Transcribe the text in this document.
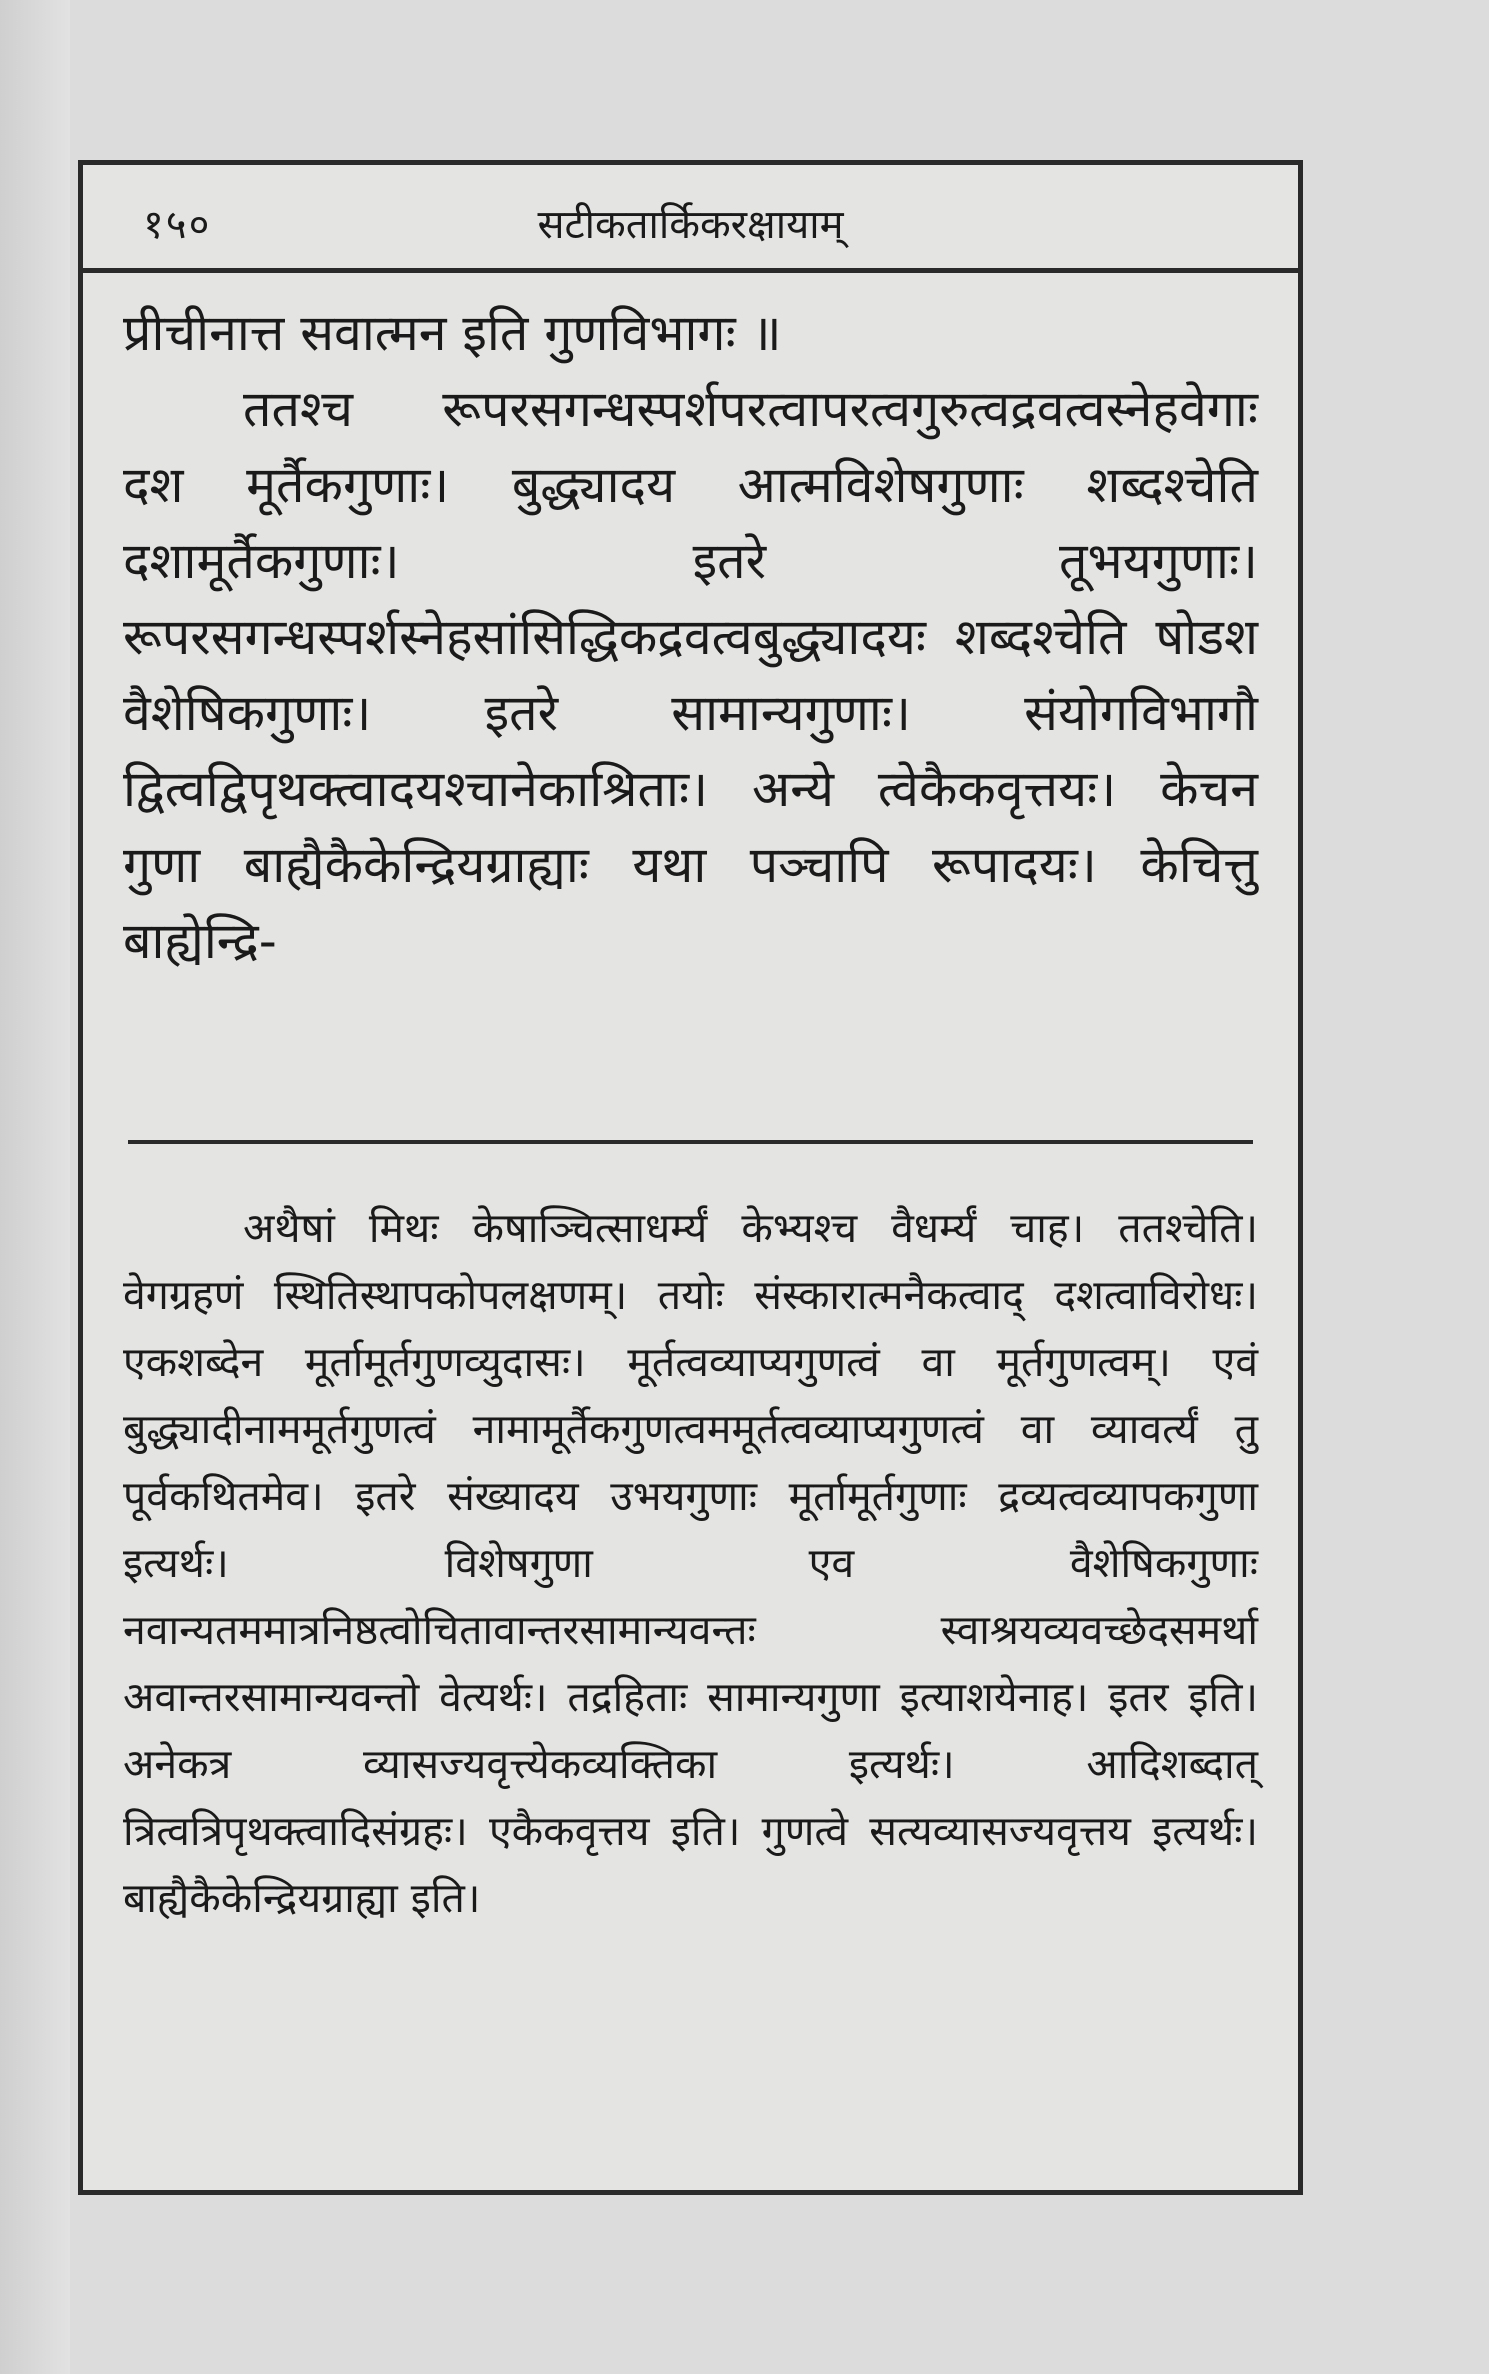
१५०	सटीकतार्किकरक्षायाम्

प्रीचीनात्त सवात्मन इति गुणविभागः ॥

ततश्च रूपरसगन्धस्पर्शपरत्वापरत्वगुरुत्वद्रवत्वस्नेहवेगाः दश मूर्तैकगुणाः। बुद्ध्यादय आत्मविशेषगुणाः शब्दश्चेति दशामूर्तैकगुणाः। इतरे तूभयगुणाः। रूपरसगन्धस्पर्शस्नेहसांसिद्धिकद्रवत्वबुद्ध्यादयः शब्दश्चेति षोडश वैशेषिकगुणाः। इतरे सामान्यगुणाः। संयोगविभागौ द्वित्वद्विपृथक्त्वादयश्चानेकाश्रिताः। अन्ये त्वेकैकवृत्तयः। केचन गुणा बाह्यैकैकेन्द्रियग्राह्याः यथा पञ्चापि रूपादयः। केचित्तु बाह्येन्द्रि-

अथैषां मिथः केषाञ्चित्साधर्म्यं केभ्यश्च वैधर्म्यं चाह। ततश्चेति। वेगग्रहणं स्थितिस्थापकोपलक्षणम्। तयोः संस्कारात्मनैकत्वाद् दशत्वाविरोधः। एकशब्देन मूर्तामूर्तगुणव्युदासः। मूर्तत्वव्याप्यगुणत्वं वा मूर्तगुणत्वम्। एवं बुद्ध्यादीनाममूर्तगुणत्वं नामामूर्तैकगुणत्वममूर्तत्वव्याप्यगुणत्वं वा व्यावर्त्यं तु पूर्वकथितमेव। इतरे संख्यादय उभयगुणाः मूर्तामूर्तगुणाः द्रव्यत्वव्यापकगुणा इत्यर्थः। विशेषगुणा एव वैशेषिकगुणाः नवान्यतममात्रनिष्ठत्वोचितावान्तरसामान्यवन्तः स्वाश्रयव्यवच्छेदसमर्था अवान्तरसामान्यवन्तो वेत्यर्थः। तद्रहिताः सामान्यगुणा इत्याशयेनाह। इतर इति। अनेकत्र व्यासज्यवृत्त्येकव्यक्तिका इत्यर्थः। आदिशब्दात् त्रित्वत्रिपृथक्त्वादिसंग्रहः। एकैकवृत्तय इति। गुणत्वे सत्यव्यासज्यवृत्तय इत्यर्थः। बाह्यैकैकेन्द्रियग्राह्या इति।
